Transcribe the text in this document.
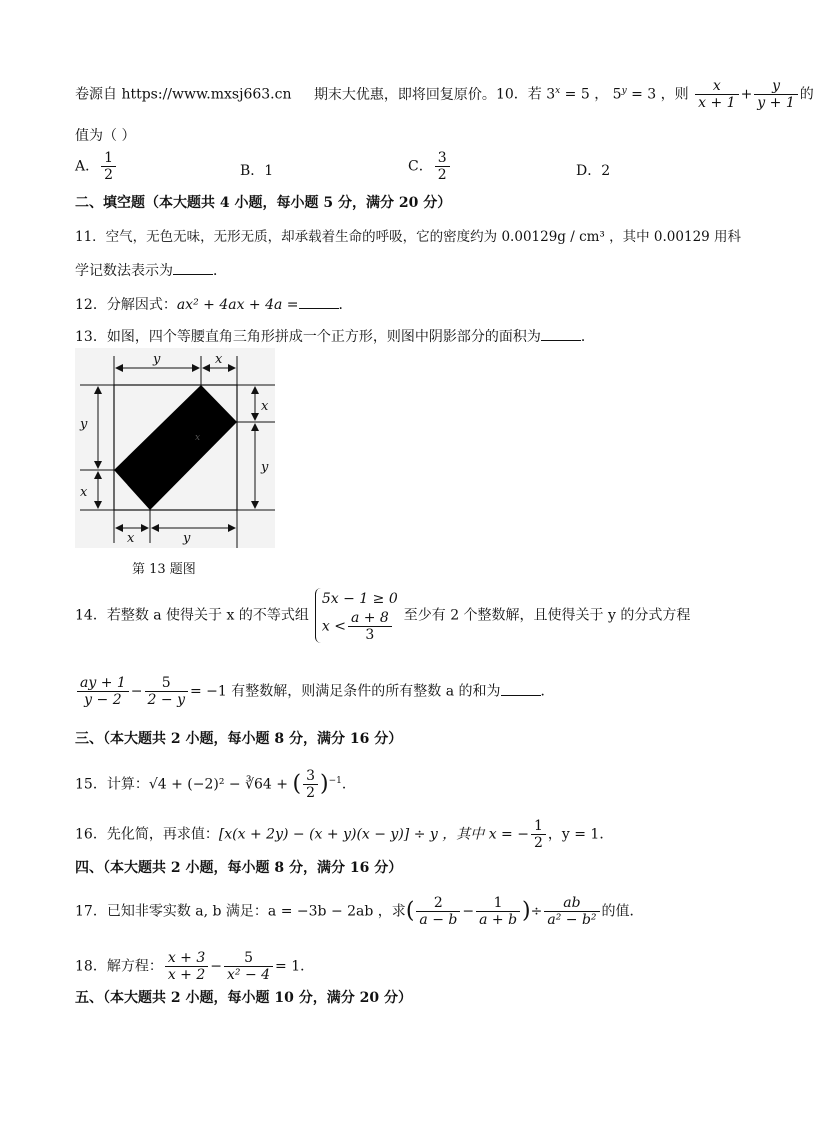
卷源自 https://www.mxsj663.cn 期末大优惠，即将回复原价。10．若 $3^x = 5$ ， $5^y = 3$ ，则 $\frac{x}{x + 1} + \frac{y}{y + 1}$ 的
值为（ ）
A． $\frac{1}{2}$	B．1	C． $\frac{3}{2}$	D．2
二、填空题（本大题共 4 小题，每小题 5 分，满分 20 分）
11．空气，无色无味，无形无质，却承载着生命的呼吸，它的密度约为 0.00129g / cm³ ，其中 0.00129 用科
学记数法表示为	．
12．分解因式：ax² + 4ax + 4a =	．
13．如图，四个等腰直角三角形拼成一个正方形，则图中阴影部分的面积为	．
y	x
x
y
y
x
x	y
x
第 13 题图
14．若整数 a 使得关于 x 的不等式组
5x − 1 ≥ 0
$x < \frac{a + 8}{3}$ 至少有 2 个整数解，且使得关于 y 的分式方程
$\frac{ay + 1}{y - 2} - \frac{5}{2 - y} = -1$ 有整数解，则满足条件的所有整数 a 的和为	．
三、（本大题共 2 小题，每小题 8 分，满分 16 分）
15．计算：√4 + (−2)² − ∛64 + ( $\frac{3}{2} )^{-1}$．
16．先化简，再求值：[x(x + 2y) − (x + y)(x − y)] ÷ y ，其中 x = − $\frac{1}{2}$ ，y = 1．
四、（本大题共 2 小题，每小题 8 分，满分 16 分）
17．已知非零实数 a, b 满足：a = −3b − 2ab ，求( $\frac{2}{a - b} - \frac{1}{a + b}$ )÷ $\frac{ab}{\text{a² − b²}}$ 的值．
18．解方程： $\frac{x + 3}{x + 2} - \frac{5}{\text{x² − 4}} = 1$．
五、（本大题共 2 小题，每小题 10 分，满分 20 分）
